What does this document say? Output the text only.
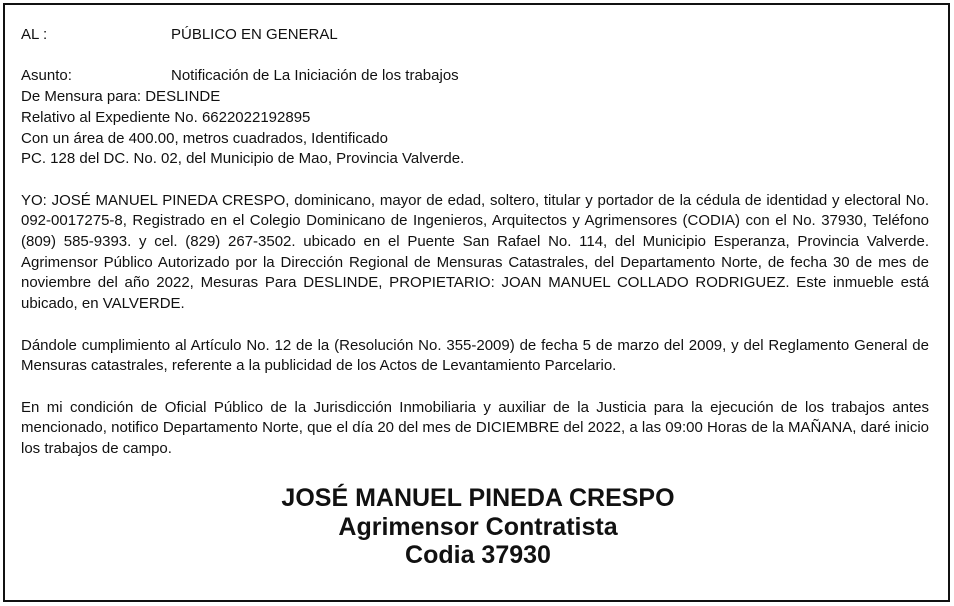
AL :	PÚBLICO EN GENERAL
Asunto:	Notificación de La Iniciación de los trabajos
De Mensura para: DESLINDE
Relativo al Expediente No. 6622022192895
Con un área de 400.00, metros cuadrados, Identificado
PC. 128 del DC. No. 02, del Municipio de Mao, Provincia Valverde.

YO: JOSÉ MANUEL PINEDA CRESPO, dominicano, mayor de edad, soltero, titular y portador de la cédula de identidad y electoral No. 092-0017275-8, Registrado en el Colegio Dominicano de Ingenieros, Arquitectos y Agrimensores (CODIA) con el No. 37930, Teléfono (809) 585-9393. y cel. (829) 267-3502. ubicado en el Puente San Rafael No. 114, del Municipio Esperanza, Provincia Valverde. Agrimensor Público Autorizado por la Dirección Regional de Mensuras Catastrales, del Departamento Norte, de fecha 30 de mes de noviembre del año 2022, Mesuras Para DESLINDE, PROPIETARIO: JOAN MANUEL COLLADO RODRIGUEZ. Este inmueble está ubicado, en VALVERDE.

Dándole cumplimiento al Artículo No. 12 de la (Resolución No. 355-2009) de fecha 5 de marzo del 2009, y del Reglamento General de Mensuras catastrales, referente a la publicidad de los Actos de Levantamiento Parcelario.

En mi condición de Oficial Público de la Jurisdicción Inmobiliaria y auxiliar de la Justicia para la ejecución de los trabajos antes mencionado, notifico Departamento Norte, que el día 20 del mes de DICIEMBRE del 2022, a las 09:00 Horas de la MAÑANA, daré inicio los trabajos de campo.

JOSÉ MANUEL PINEDA CRESPO
Agrimensor Contratista
Codia 37930
